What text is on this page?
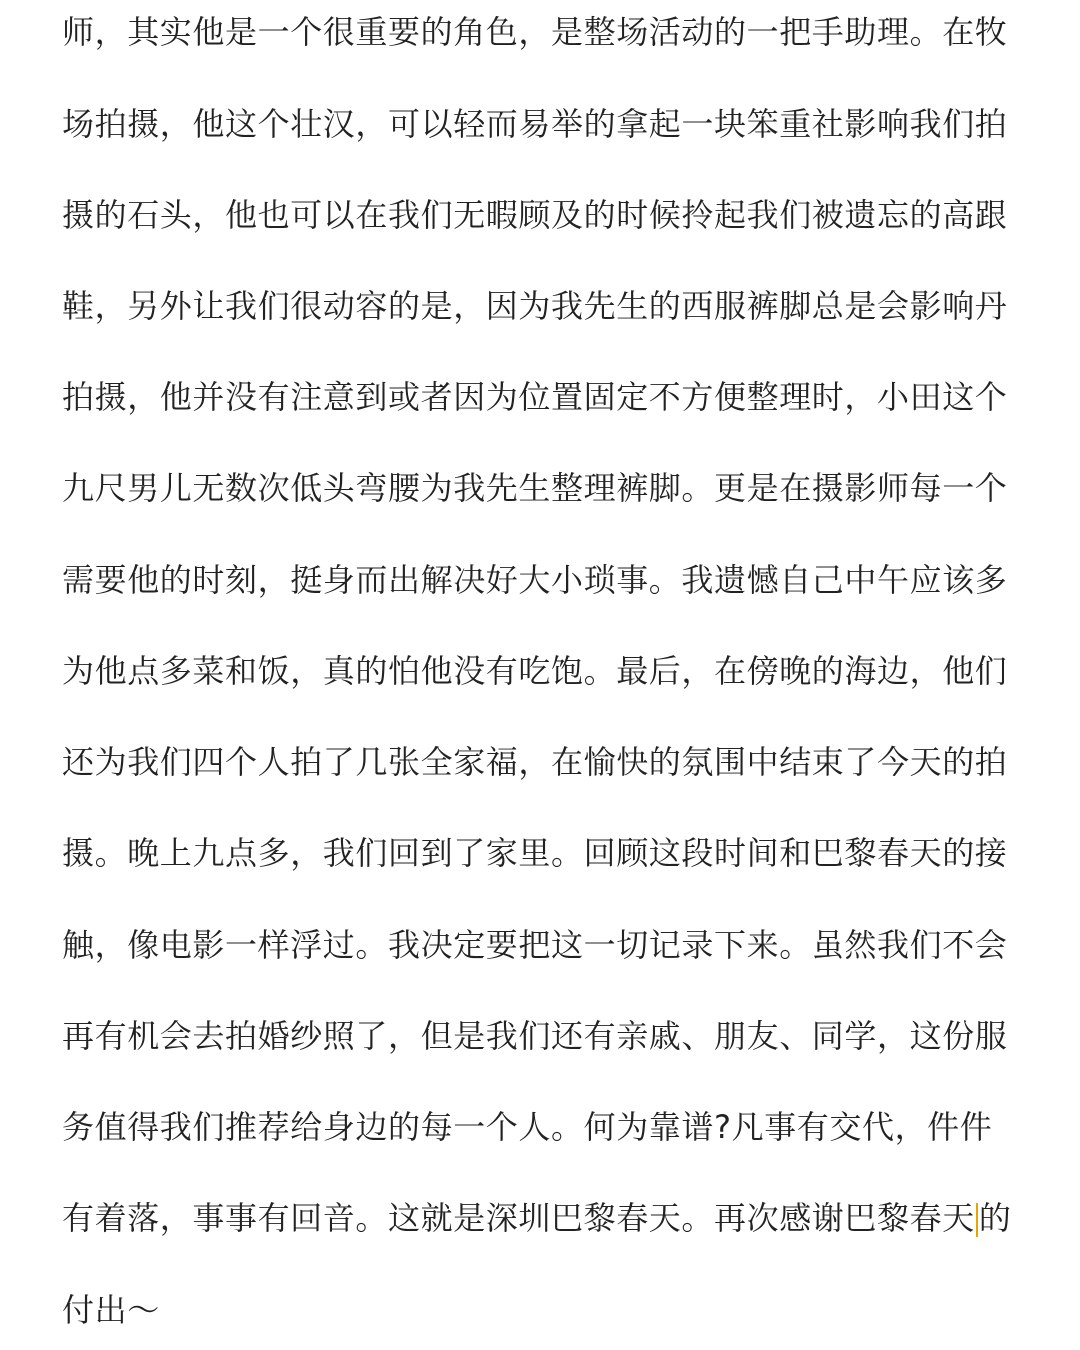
师，其实他是一个很重要的角色，是整场活动的一把手助理。在牧
场拍摄，他这个壮汉，可以轻而易举的拿起一块笨重社影响我们拍
摄的石头，他也可以在我们无暇顾及的时候拎起我们被遗忘的高跟
鞋，另外让我们很动容的是，因为我先生的西服裤脚总是会影响丹
拍摄，他并没有注意到或者因为位置固定不方便整理时，小田这个
九尺男儿无数次低头弯腰为我先生整理裤脚。更是在摄影师每一个
需要他的时刻，挺身而出解决好大小琐事。我遗憾自己中午应该多
为他点多菜和饭，真的怕他没有吃饱。最后，在傍晚的海边，他们
还为我们四个人拍了几张全家福，在愉快的氛围中结束了今天的拍
摄。晚上九点多，我们回到了家里。回顾这段时间和巴黎春天的接
触，像电影一样浮过。我决定要把这一切记录下来。虽然我们不会
再有机会去拍婚纱照了，但是我们还有亲戚、朋友、同学，这份服
务值得我们推荐给身边的每一个人。何为靠谱?凡事有交代，件件
有着落，事事有回音。这就是深圳巴黎春天。再次感谢巴黎春天 的
付出～
